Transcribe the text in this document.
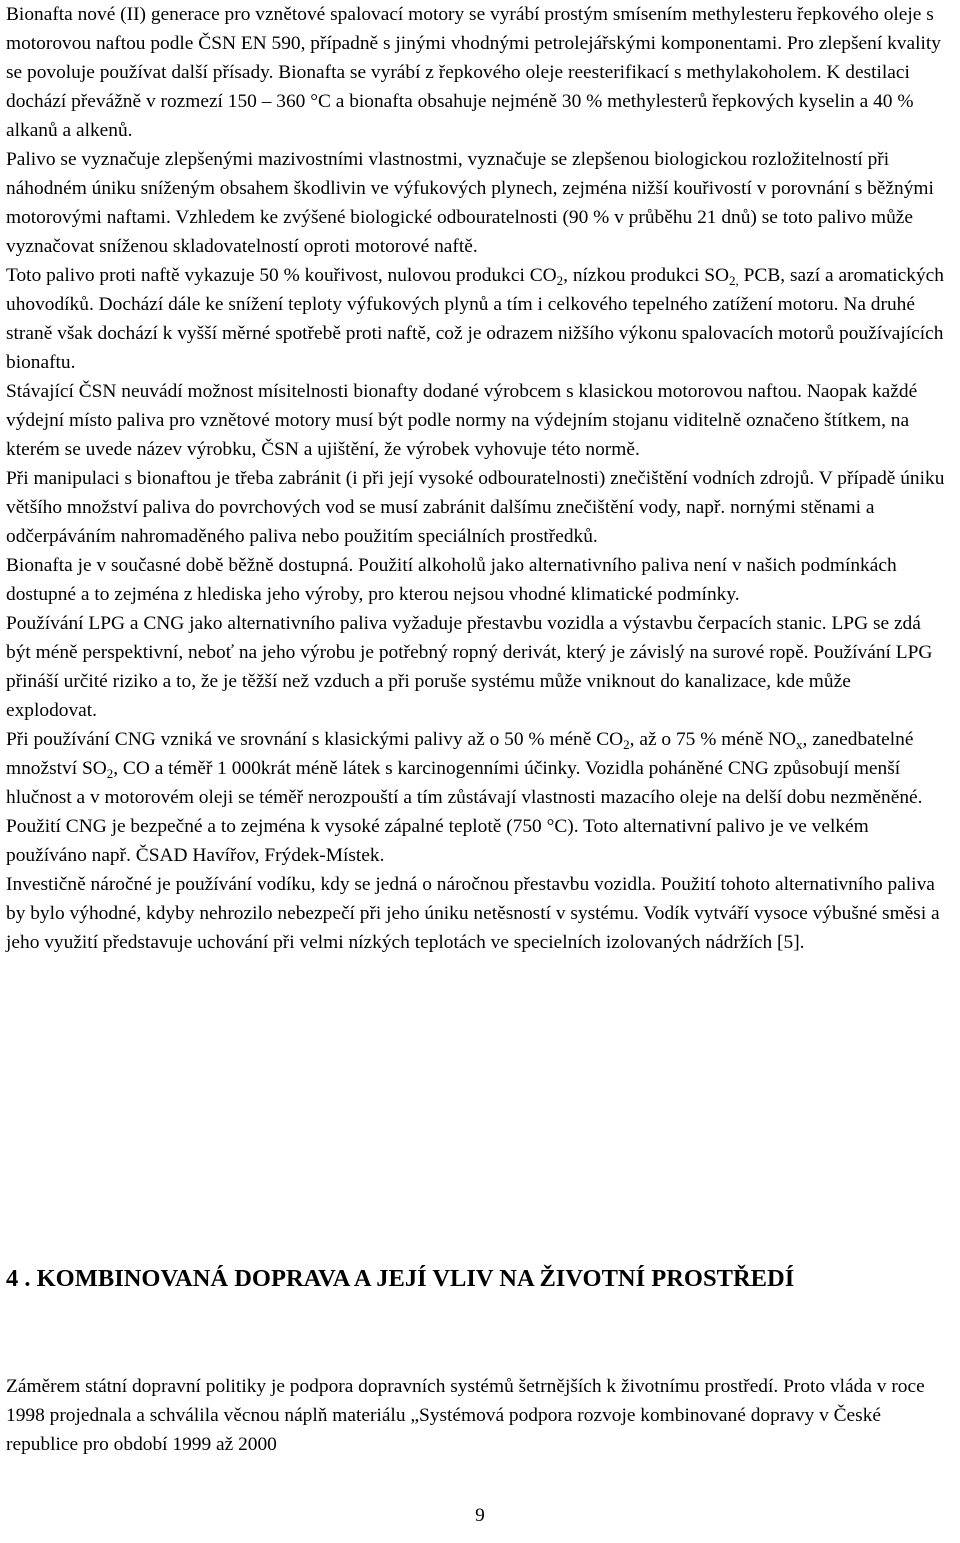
Bionafta nové (II) generace pro vznětové spalovací motory se vyrábí prostým smísením methylesteru řepkového oleje s motorovou naftou podle ČSN EN 590, případně s jinými vhodnými petrolejářskými komponentami. Pro zlepšení kvality se povoluje používat další přísady. Bionafta se vyrábí z řepkového oleje reesterifikací s methylakoholem. K destilaci dochází převážně v rozmezí 150 – 360 °C a bionafta obsahuje nejméně 30 % methylesterů řepkových kyselin a 40 % alkanů a alkenů.

Palivo se vyznačuje zlepšenými mazivostními vlastnostmi, vyznačuje se zlepšenou biologickou rozložitelností při náhodném úniku sníženým obsahem škodlivin ve výfukových plynech, zejména nižší kouřivostí v porovnání s běžnými motorovými naftami. Vzhledem ke zvýšené biologické odbouratelnosti (90 % v průběhu 21 dnů) se toto palivo může vyznačovat sníženou skladovatelností oproti motorové naftě.

Toto palivo proti naftě vykazuje 50 % kouřivost, nulovou produkci $CO_2$, nízkou produkci $SO_{2,}$ PCB, sazí a aromatických uhovodíků. Dochází dále ke snížení teploty výfukových plynů a tím i celkového tepelného zatížení motoru. Na druhé straně však dochází k vyšší měrné spotřebě proti naftě, což je odrazem nižšího výkonu spalovacích motorů používajících bionaftu.

Stávající ČSN neuvádí možnost mísitelnosti bionafty dodané výrobcem s klasickou motorovou naftou. Naopak každé výdejní místo paliva pro vznětové motory musí být podle normy na výdejním stojanu viditelně označeno štítkem, na kterém se uvede název výrobku, ČSN a ujištění, že výrobek vyhovuje této normě.

Při manipulaci s bionaftou je třeba zabránit (i při její vysoké odbouratelnosti) znečištění vodních zdrojů. V případě úniku většího množství paliva do povrchových vod se musí zabránit dalšímu znečištění vody, např. nornými stěnami a odčerpáváním nahromaděného paliva nebo použitím speciálních prostředků.

Bionafta je v současné době běžně dostupná. Použití alkoholů jako alternativního paliva není v našich podmínkách dostupné a to zejména z hlediska jeho výroby, pro kterou nejsou vhodné klimatické podmínky.

Používání LPG a CNG jako alternativního paliva vyžaduje přestavbu vozidla a výstavbu čerpacích stanic. LPG se zdá být méně perspektivní, neboť na jeho výrobu je potřebný ropný derivát, který je závislý na surové ropě. Používání LPG přináší určité riziko a to, že je těžší než vzduch a při poruše systému může vniknout do kanalizace, kde může explodovat.

Při používání CNG vzniká ve srovnání s klasickými palivy až o 50 % méně $CO_2$, až o 75 % méně $NO_x$, zanedbatelné množství $SO_2$, CO a téměř 1 000krát méně látek s karcinogenními účinky. Vozidla poháněné CNG způsobují menší hlučnost a v motorovém oleji se téměř nerozpouští a tím zůstávají vlastnosti mazacího oleje na delší dobu nezměněné. Použití CNG je bezpečné a to zejména k vysoké zápalné teplotě (750 °C). Toto alternativní palivo je ve velkém používáno např. ČSAD Havířov, Frýdek-Místek.

Investičně náročné je používání vodíku, kdy se jedná o náročnou přestavbu vozidla. Použití tohoto alternativního paliva by bylo výhodné, kdyby nehrozilo nebezpečí při jeho úniku netěsností v systému. Vodík vytváří vysoce výbušné směsi a jeho využití představuje uchování při velmi nízkých teplotách ve specielních izolovaných nádržích [5].

4 . KOMBINOVANÁ DOPRAVA A JEJÍ VLIV NA ŽIVOTNÍ PROSTŘEDÍ

Záměrem státní dopravní politiky je podpora dopravních systémů šetrnějších k životnímu prostředí. Proto vláda v roce 1998 projednala a schválila věcnou náplň materiálu „Systémová podpora rozvoje kombinované dopravy v České republice pro období 1999 až 2000

9
